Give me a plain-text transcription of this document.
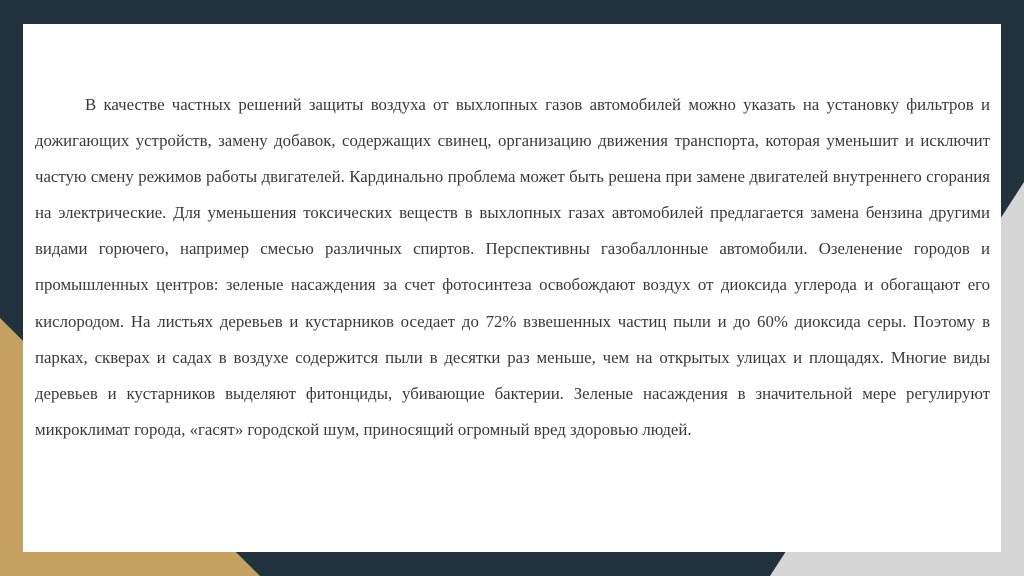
В качестве частных решений защиты воздуха от выхлопных газов автомобилей можно указать на установку фильтров и дожигающих устройств, замену добавок, содержащих свинец, организацию движения транспорта, которая уменьшит и исключит частую смену режимов работы двигателей. Кардинально проблема может быть решена при замене двигателей внутреннего сгорания на электрические. Для уменьшения токсических веществ в выхлопных газах автомобилей предлагается замена бензина другими видами горючего, например смесью различных спиртов. Перспективны газобаллонные автомобили. Озеленение городов и промышленных центров: зеленые насаждения за счет фотосинтеза освобождают воздух от диоксида углерода и обогащают его кислородом. На листьях деревьев и кустарников оседает до 72% взвешенных частиц пыли и до 60% диоксида серы. Поэтому в парках, скверах и садах в воздухе содержится пыли в десятки раз меньше, чем на открытых улицах и площадях. Многие виды деревьев и кустарников выделяют фитонциды, убивающие бактерии. Зеленые насаждения в значительной мере регулируют микроклимат города, «гасят» городской шум, приносящий огромный вред здоровью людей.
